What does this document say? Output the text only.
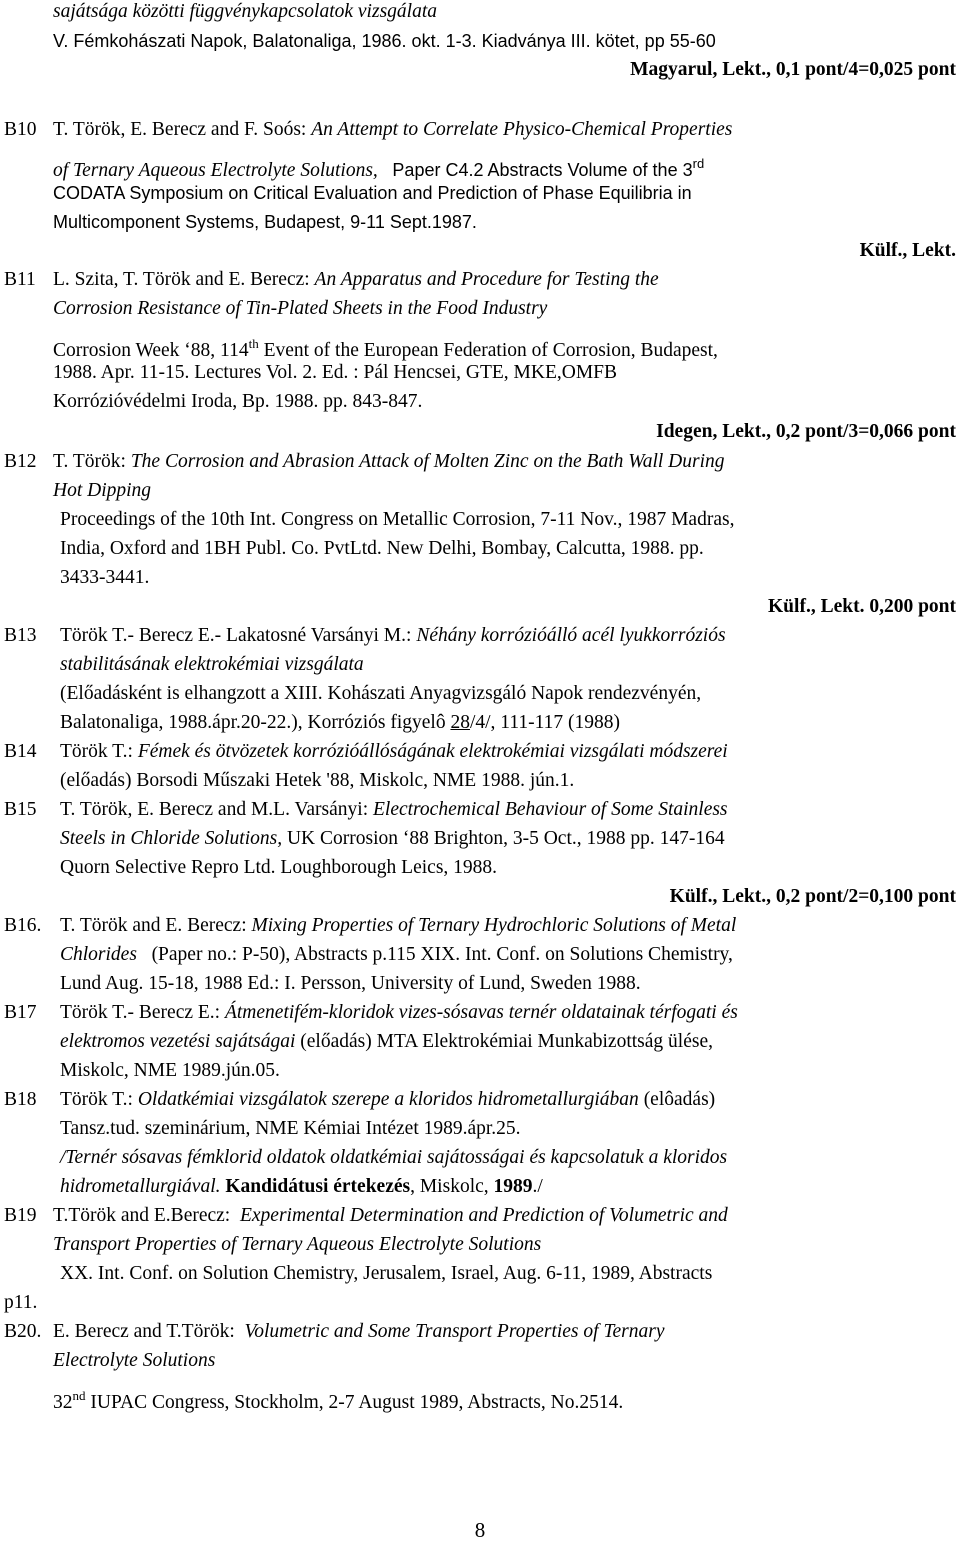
sajátsága közötti függvénykapcsolatok vizsgálata
V. Fémkohászati Napok, Balatonaliga, 1986. okt. 1-3. Kiadványa III. kötet, pp 55-60
Magyarul, Lekt., 0,1 pont/4=0,025 pont
B10 T. Török, E. Berecz and F. Soós: An Attempt to Correlate Physico-Chemical Properties
of Ternary Aqueous Electrolyte Solutions, Paper C4.2 Abstracts Volume of the 3rd
CODATA Symposium on Critical Evaluation and Prediction of Phase Equilibria in
Multicomponent Systems, Budapest, 9-11 Sept.1987.
Külf., Lekt.
B11 L. Szita, T. Török and E. Berecz: An Apparatus and Procedure for Testing the
Corrosion Resistance of Tin-Plated Sheets in the Food Industry
Corrosion Week ‘88, 114th Event of the European Federation of Corrosion, Budapest,
1988. Apr. 11-15. Lectures Vol. 2. Ed. : Pál Hencsei, GTE, MKE,OMFB
Korrózióvédelmi Iroda, Bp. 1988. pp. 843-847.
Idegen, Lekt., 0,2 pont/3=0,066 pont
B12 T. Török: The Corrosion and Abrasion Attack of Molten Zinc on the Bath Wall During
Hot Dipping
Proceedings of the 10th Int. Congress on Metallic Corrosion, 7-11 Nov., 1987 Madras,
India, Oxford and 1BH Publ. Co. PvtLtd. New Delhi, Bombay, Calcutta, 1988. pp.
3433-3441.
Külf., Lekt. 0,200 pont
B13 Török T.- Berecz E.- Lakatosné Varsányi M.: Néhány korrózióálló acél lyukkorróziós
stabilitásának elektrokémiai vizsgálata
(Előadásként is elhangzott a XIII. Kohászati Anyagvizsgáló Napok rendezvényén,
Balatonaliga, 1988.ápr.20-22.), Korróziós figyelô 28/4/, 111-117 (1988)
B14 Török T.: Fémek és ötvözetek korrózióállóságának elektrokémiai vizsgálati módszerei
(előadás) Borsodi Műszaki Hetek '88, Miskolc, NME 1988. jún.1.
B15 T. Török, E. Berecz and M.L. Varsányi: Electrochemical Behaviour of Some Stainless
Steels in Chloride Solutions, UK Corrosion ‘88 Brighton, 3-5 Oct., 1988 pp. 147-164
Quorn Selective Repro Ltd. Loughborough Leics, 1988.
Külf., Lekt., 0,2 pont/2=0,100 pont
B16. T. Török and E. Berecz: Mixing Properties of Ternary Hydrochloric Solutions of Metal
Chlorides (Paper no.: P-50), Abstracts p.115 XIX. Int. Conf. on Solutions Chemistry,
Lund Aug. 15-18, 1988 Ed.: I. Persson, University of Lund, Sweden 1988.
B17 Török T.- Berecz E.: Átmenetifém-kloridok vizes-sósavas ternér oldatainak térfogati és
elektromos vezetési sajátságai (előadás) MTA Elektrokémiai Munkabizottság ülése,
Miskolc, NME 1989.jún.05.
B18 Török T.: Oldatkémiai vizsgálatok szerepe a kloridos hidrometallurgiában (elôadás)
Tansz.tud. szeminárium, NME Kémiai Intézet 1989.ápr.25.
/Ternér sósavas fémklorid oldatok oldatkémiai sajátosságai és kapcsolatuk a kloridos
hidrometallurgiával. Kandidátusi értekezés, Miskolc, 1989./
B19 T.Török and E.Berecz: Experimental Determination and Prediction of Volumetric and
Transport Properties of Ternary Aqueous Electrolyte Solutions
XX. Int. Conf. on Solution Chemistry, Jerusalem, Israel, Aug. 6-11, 1989, Abstracts
p11.
B20. E. Berecz and T.Török: Volumetric and Some Transport Properties of Ternary
Electrolyte Solutions
32nd IUPAC Congress, Stockholm, 2-7 August 1989, Abstracts, No.2514.
8
